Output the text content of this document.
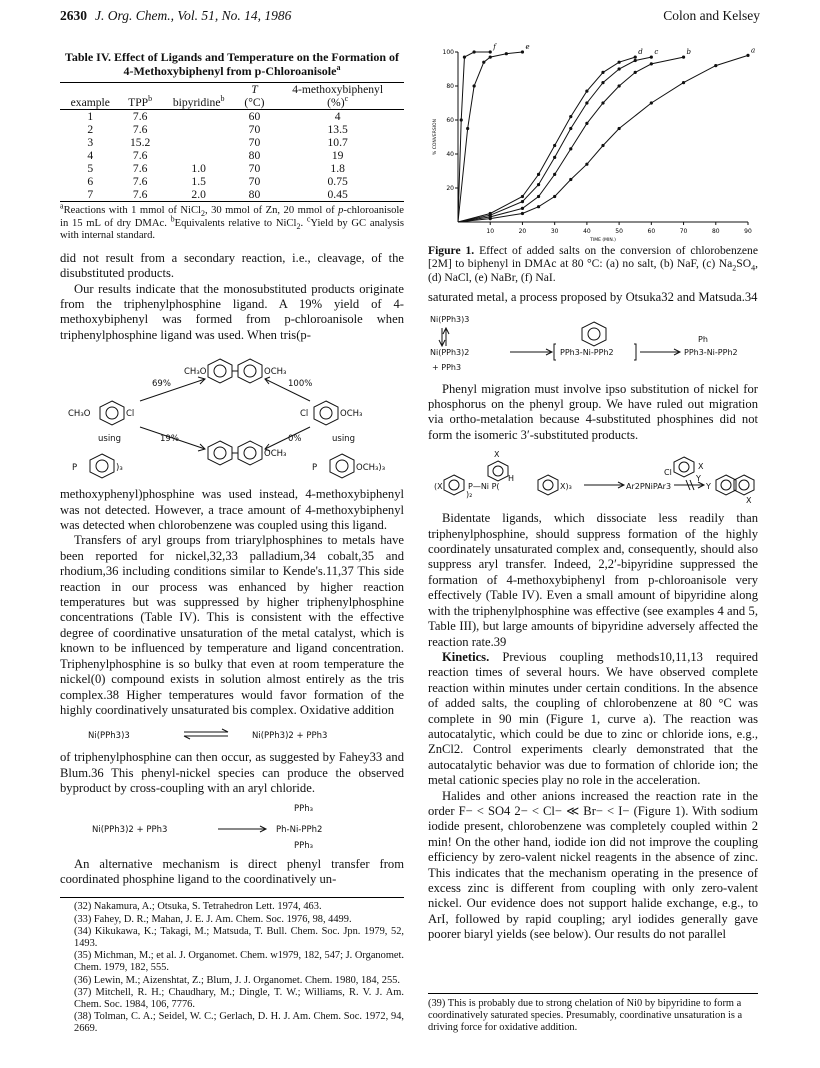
2630 J. Org. Chem., Vol. 51, No. 14, 1986	Colon and Kelsey
Table IV. Effect of Ligands and Temperature on the Formation of 4-Methoxybiphenyl from p-Chloroanisole$^a$
			T	4-methoxybiphenyl
example	TPP$^b$	bipyridine$^b$	(°C)	(%)$^c$
1	7.6		60	4
2	7.6		70	13.5
3	15.2		70	10.7
4	7.6		80	19
5	7.6	1.0	70	1.8
6	7.6	1.5	70	0.75
7	7.6	2.0	80	0.45
$^a$Reactions with 1 mmol of NiCl$_2$, 30 mmol of Zn, 20 mmol of p-chloroanisole in 15 mL of dry DMAc. $^b$Equivalents relative to NiCl$_2$. $^c$Yield by GC analysis with internal standard.

did not result from a secondary reaction, i.e., cleavage, of the disubstituted products.

Our results indicate that the monosubstituted products originate from the triphenylphosphine ligand. A 19% yield of 4-methoxybiphenyl was formed from p-chloroanisole when triphenylphosphine ligand was used. When tris(p-

CH₃O	OCH₃
69%	100%
CH₃O	Cl	Cl	OCH₃
19%	0%
using	using
OCH₃
P	)₃	P	OCH₃)₃

methoxyphenyl)phosphine was used instead, 4-methoxybiphenyl was not detected. However, a trace amount of 4-methoxybiphenyl was detected when chlorobenzene was coupled using this ligand.

Transfers of aryl groups from triarylphosphines to metals have been reported for nickel,32,33 palladium,34 cobalt,35 and rhodium,36 including conditions similar to Kende's.11,37 This side reaction in our process was enhanced by higher reaction temperatures but was suppressed by higher triphenylphosphine concentrations (Table IV). This is consistent with the effective degree of coordinative unsaturation of the metal catalyst, which is known to be influenced by temperature and ligand concentration. Triphenylphosphine is so bulky that even at room temperature the nickel(0) compound exists in solution almost entirely as the tris complex.38 Higher temperatures would favor formation of the highly coordinatively unsaturated bis complex. Oxidative addition

Ni(PPh3)3	Ni(PPh3)2 + PPh3

of triphenylphosphine can then occur, as suggested by Fahey33 and Blum.36 This phenyl-nickel species can produce the observed byproduct by cross-coupling with an aryl chloride.

Ni(PPh3)2 + PPh3
PPh₃
Ph-Ni-PPh2
PPh₃

An alternative mechanism is direct phenyl transfer from coordinated phosphine ligand to the coordinatively un-

(32) Nakamura, A.; Otsuka, S. Tetrahedron Lett. 1974, 463.
(33) Fahey, D. R.; Mahan, J. E. J. Am. Chem. Soc. 1976, 98, 4499.
(34) Kikukawa, K.; Takagi, M.; Matsuda, T. Bull. Chem. Soc. Jpn. 1979, 52, 1493.
(35) Michman, M.; et al. J. Organomet. Chem. w1979, 182, 547; J. Organomet. Chem. 1979, 182, 555.
(36) Lewin, M.; Aizenshtat, Z.; Blum, J. J. Organomet. Chem. 1980, 184, 255.
(37) Mitchell, R. H.; Chaudhary, M.; Dingle, T. W.; Williams, R. V. J. Am. Chem. Soc. 1984, 106, 7776.
(38) Tolman, C. A.; Seidel, W. C.; Gerlach, D. H. J. Am. Chem. Soc. 1972, 94, 2669.
10	20	30	40	50	60	70	80	90
20
40
60
80
100
TIME (MIN.)
% CONVERSION
a
b
c
d
e
f
Figure 1. Effect of added salts on the conversion of chlorobenzene [2M] to biphenyl in DMAc at 80 °C: (a) no salt, (b) NaF, (c) $Na_2SO_4$, (d) NaCl, (e) NaBr, (f) NaI.

saturated metal, a process proposed by Otsuka32 and Matsuda.34

Ni(PPh3)3
Ni(PPh3)2
+ PPh3
PPh3-Ni-PPh2
Ph
PPh3-Ni-PPh2

Phenyl migration must involve ipso substitution of nickel for phosphorus on the phenyl group. We have ruled out migration via ortho-metalation because 4-substituted phosphines did not form the isomeric 3′-substituted products.

(X
)₂
P—Ni P(	X)₃
X
H
Ar2PNiPAr3
Cl
X
Y
Y
X

Bidentate ligands, which dissociate less readily than triphenylphosphine, should suppress formation of the highly coordinately unsaturated complex and, consequently, should also suppress aryl transfer. Indeed, 2,2′-bipyridine suppressed the formation of 4-methoxybiphenyl from p-chloroanisole very effectively (Table IV). Even a small amount of bipyridine along with the triphenylphosphine was effective (see examples 4 and 5, Table III), but large amounts of bipyridine adversely affected the reaction rate.39

Kinetics. Previous coupling methods10,11,13 required reaction times of several hours. We have observed complete reaction within minutes under certain conditions. In the absence of added salts, the coupling of chlorobenzene at 80 °C was complete in 90 min (Figure 1, curve a). The reaction was autocatalytic, which could be due to zinc or chloride ions, e.g., ZnCl2. Control experiments clearly demonstrated that the autocatalytic behavior was due to formation of chloride ion; the metal cationic species play no role in the acceleration.

Halides and other anions increased the reaction rate in the order F− < SO4 2− < Cl− ≪ Br− < I− (Figure 1). With sodium iodide present, chlorobenzene was completely coupled within 2 min! On the other hand, iodide ion did not improve the coupling efficiency by zero-valent nickel reagents in the absence of zinc. This indicates that the mechanism operating in the presence of excess zinc is different from coupling with only zero-valent nickel. Our evidence does not support halide exchange, e.g., to ArI, followed by rapid coupling; aryl iodides generally gave poorer biaryl yields (see below). Our results do not parallel

(39) This is probably due to strong chelation of Ni0 by bipyridine to form a coordinatively saturated species. Presumably, coordinative unsaturation is a driving force for oxidative addition.
